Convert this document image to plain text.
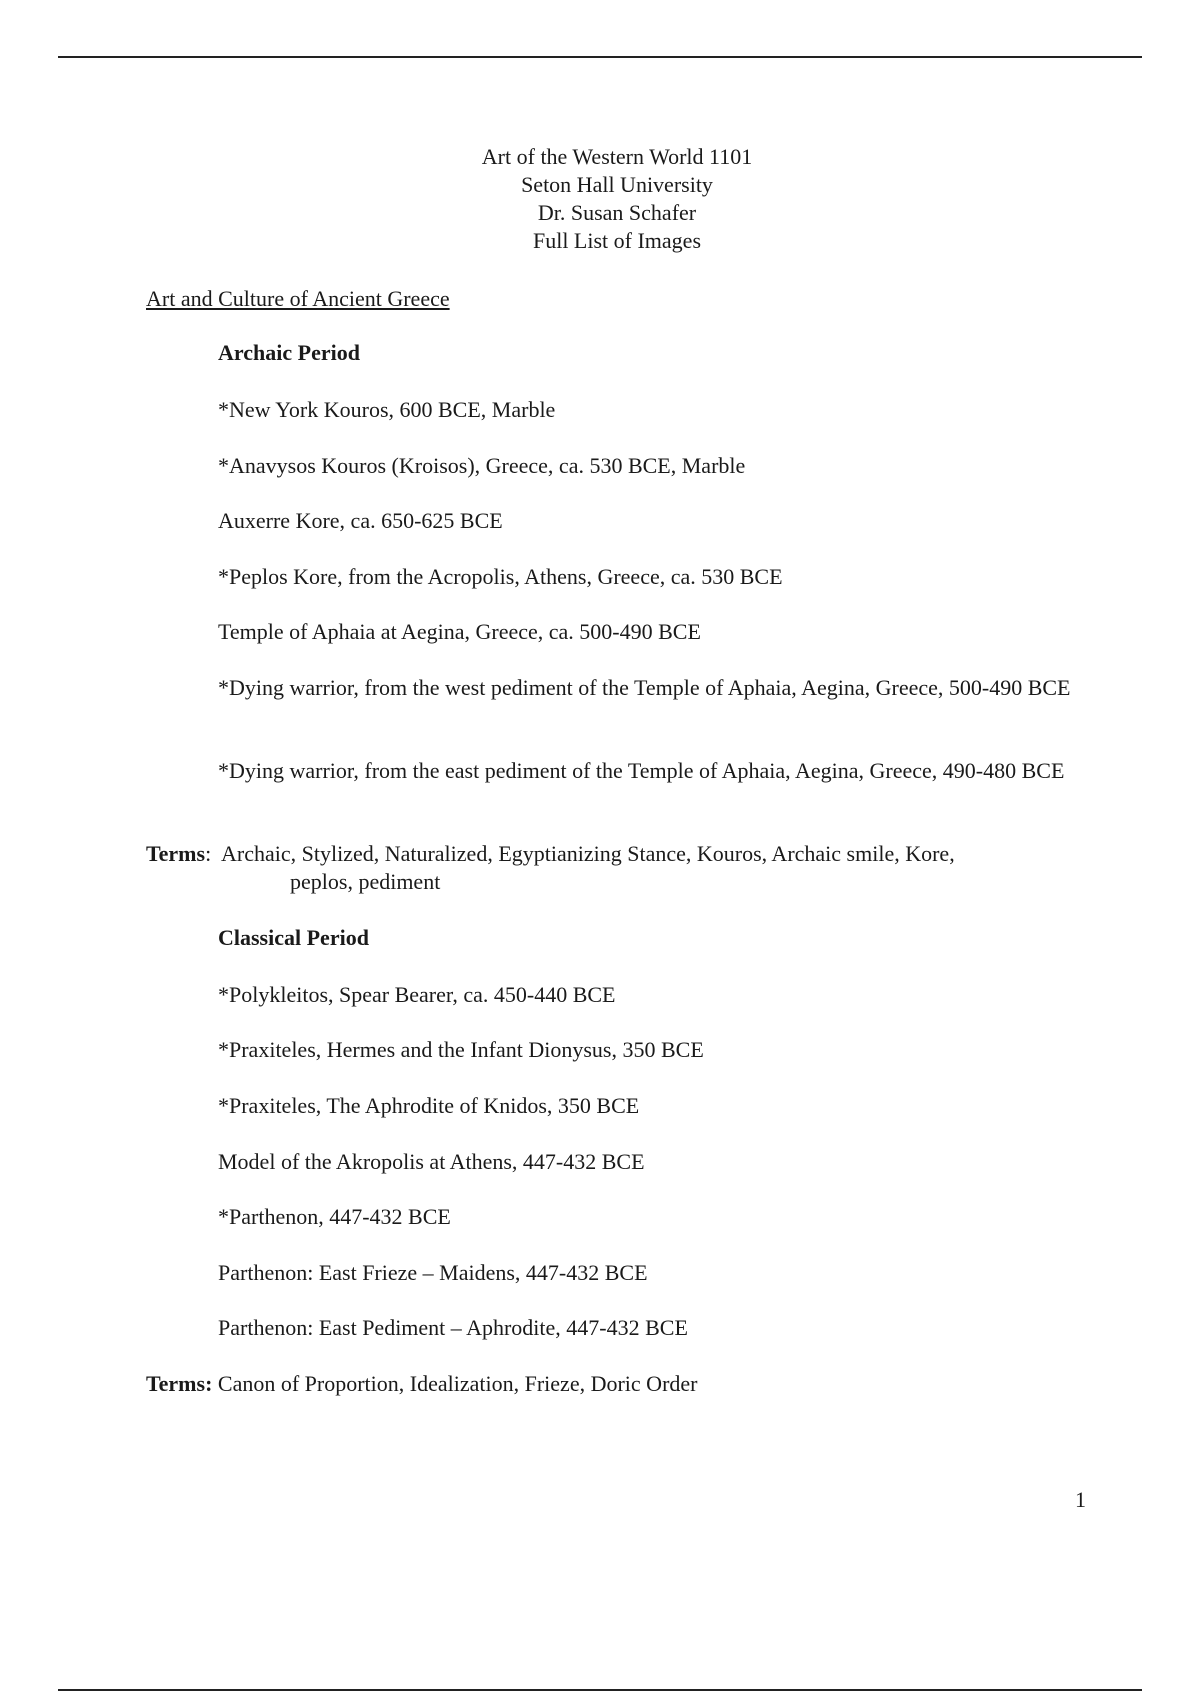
Art of the Western World 1101
Seton Hall University
Dr. Susan Schafer
Full List of Images
Art and Culture of Ancient Greece
Archaic Period
*New York Kouros, 600 BCE, Marble
*Anavysos Kouros (Kroisos), Greece, ca. 530 BCE, Marble
Auxerre Kore, ca. 650-625 BCE
*Peplos Kore, from the Acropolis, Athens, Greece, ca. 530 BCE
Temple of Aphaia at Aegina, Greece, ca. 500-490 BCE
*Dying warrior, from the west pediment of the Temple of Aphaia, Aegina, Greece, 500-490 BCE
*Dying warrior, from the east pediment of the Temple of Aphaia, Aegina, Greece, 490-480 BCE
Terms:  Archaic, Stylized, Naturalized, Egyptianizing Stance, Kouros, Archaic smile, Kore,
peplos, pediment
Classical Period
*Polykleitos, Spear Bearer, ca. 450-440 BCE
*Praxiteles, Hermes and the Infant Dionysus, 350 BCE
*Praxiteles, The Aphrodite of Knidos, 350 BCE
Model of the Akropolis at Athens, 447-432 BCE
*Parthenon, 447-432 BCE
Parthenon: East Frieze – Maidens, 447-432 BCE
Parthenon: East Pediment – Aphrodite, 447-432 BCE
Terms: Canon of Proportion, Idealization, Frieze, Doric Order
1
